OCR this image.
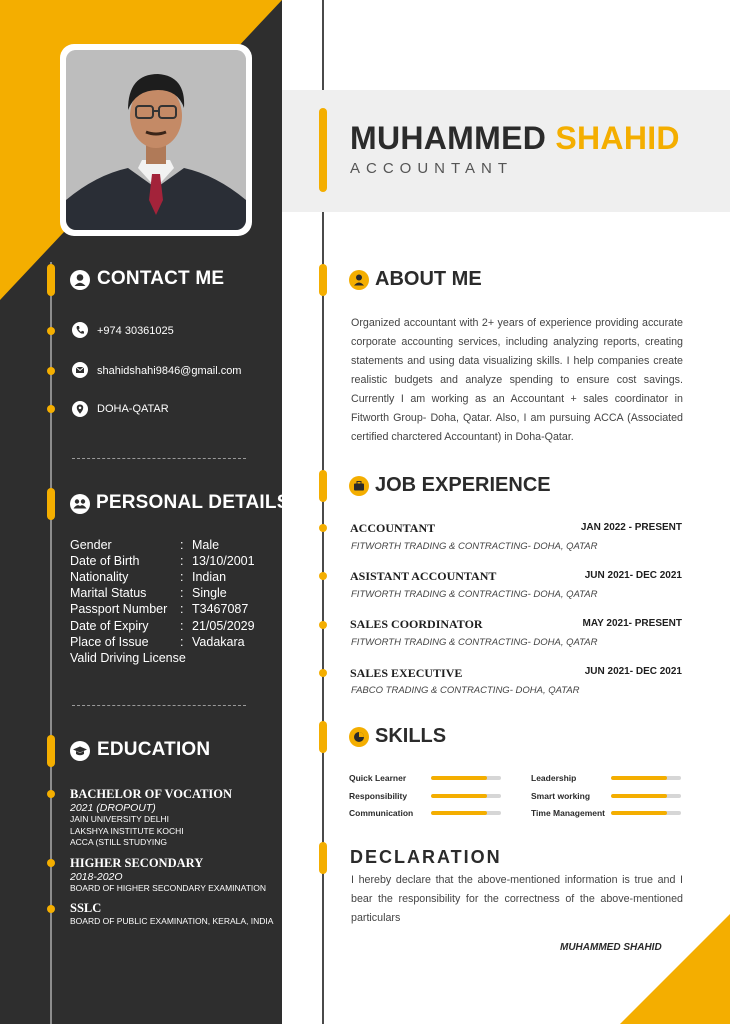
CONTACT ME
+974 30361025
shahidshahi9846@gmail.com
DOHA-QATAR
PERSONAL DETAILS
Gender	: Male
Date of Birth	: 13/10/2001
Nationality	: Indian
Marital Status	: Single
Passport Number	: T3467087
Date of Expiry	: 21/05/2029
Place of Issue	: Vadakara
Valid Driving License
EDUCATION
BACHELOR OF VOCATION
2021 (DROPOUT)
JAIN UNIVERSITY DELHI
LAKSHYA INSTITUTE KOCHI
ACCA (STILL STUDYING
HIGHER SECONDARY
2018-202O
BOARD OF HIGHER SECONDARY EXAMINATION
SSLC
BOARD OF PUBLIC EXAMINATION, KERALA, INDIA
MUHAMMED SHAHID
ACCOUNTANT
ABOUT ME
Organized accountant with 2+ years of experience providing accurate corporate accounting services, including analyzing reports, creating statements and using data visualizing skills. I help companies create realistic budgets and analyze spending to ensure cost savings. Currently I am working as an Accountant + sales coordinator in Fitworth Group- Doha, Qatar. Also, I am pursuing ACCA (Associated certified charctered Accountant) in Doha-Qatar.
JOB EXPERIENCE
ACCOUNTANT	JAN 2022 - PRESENT
FITWORTH TRADING & CONTRACTING- DOHA, QATAR
ASISTANT ACCOUNTANT	JUN 2021- DEC 2021
FITWORTH TRADING & CONTRACTING- DOHA, QATAR
SALES COORDINATOR	MAY 2021- PRESENT
FITWORTH TRADING & CONTRACTING- DOHA, QATAR
SALES EXECUTIVE	JUN 2021- DEC 2021
FABCO TRADING & CONTRACTING- DOHA, QATAR
SKILLS
Quick Learner
Responsibility
Communication
Leadership
Smart working
Time Management
DECLARATION
I hereby declare that the above-mentioned information is true and I bear the responsibility for the correctness of the above-mentioned particulars
MUHAMMED SHAHID
